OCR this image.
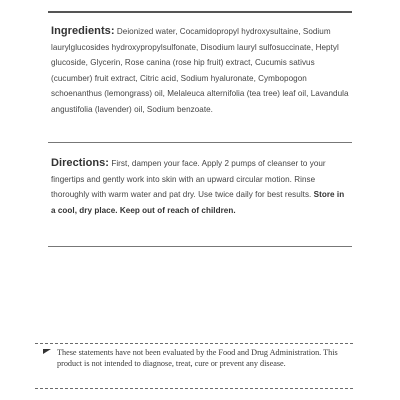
Ingredients: Deionized water, Cocamidopropyl hydroxysultaine, Sodium laurylglucosides hydroxypropylsulfonate, Disodium lauryl sulfosuccinate, Heptyl glucoside, Glycerin, Rose canina (rose hip fruit) extract, Cucumis sativus (cucumber) fruit extract, Citric acid, Sodium hyaluronate, Cymbopogon schoenanthus (lemongrass) oil, Melaleuca alternifolia (tea tree) leaf oil, Lavandula angustifolia (lavender) oil, Sodium benzoate.
Directions: First, dampen your face. Apply 2 pumps of cleanser to your fingertips and gently work into skin with an upward circular motion. Rinse thoroughly with warm water and pat dry. Use twice daily for best results. Store in a cool, dry place. Keep out of reach of children.
These statements have not been evaluated by the Food and Drug Administration. This product is not intended to diagnose, treat, cure or prevent any disease.
